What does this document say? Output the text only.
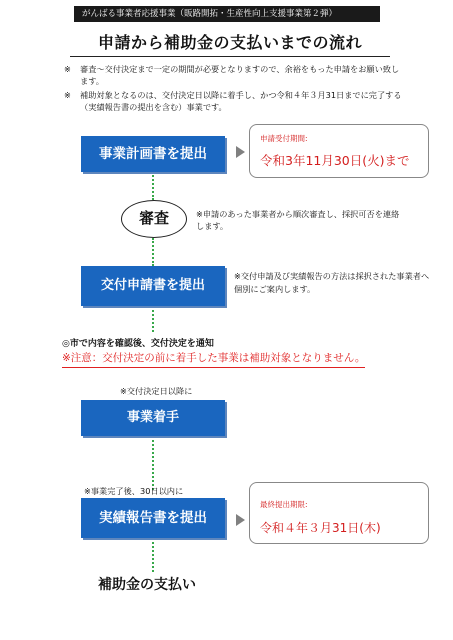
がんばる事業者応援事業（販路開拓・生産性向上支援事業第２弾）
申請から補助金の支払いまでの流れ
※	審査～交付決定まで一定の期間が必要となりますので、余裕をもった申請をお願い致します。
※	補助対象となるのは、交付決定日以降に着手し、かつ令和４年３月31日までに完了する（実績報告書の提出を含む）事業です。
事業計画書を提出
申請受付期間:
令和3年11月30日(火)まで
審査	※申請のあった事業者から順次審査し、採択可否を連絡します。
交付申請書を提出
※交付申請及び実績報告の方法は採択された事業者へ個別にご案内します。
◎市で内容を確認後、交付決定を通知
※注意：交付決定の前に着手した事業は補助対象となりません。
※交付決定日以降に
事業着手
※事業完了後、30日以内に
実績報告書を提出
最終提出期限:
令和４年３月31日(木)
補助金の支払い
